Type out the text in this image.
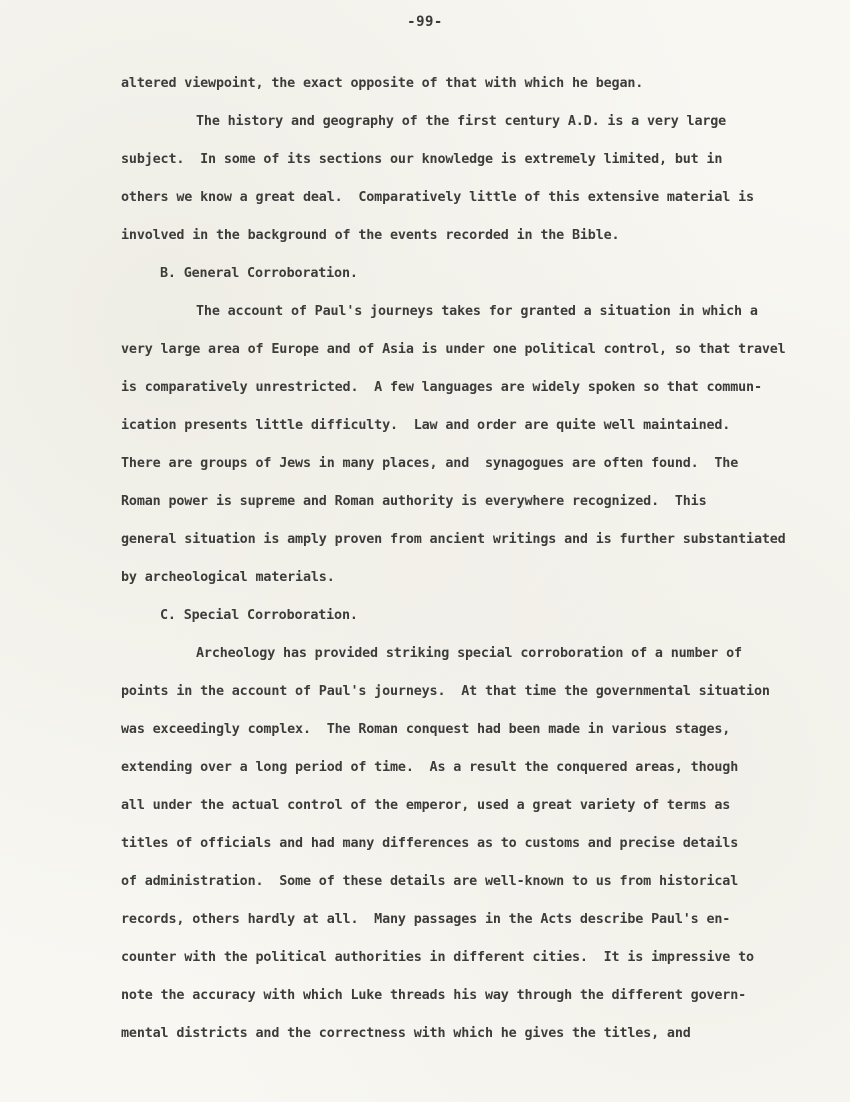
-99-
altered viewpoint, the exact opposite of that with which he began.
The history and geography of the first century A.D. is a very large
subject.  In some of its sections our knowledge is extremely limited, but in
others we know a great deal.  Comparatively little of this extensive material is
involved in the background of the events recorded in the Bible.
B. General Corroboration.
The account of Paul's journeys takes for granted a situation in which a
very large area of Europe and of Asia is under one political control, so that travel
is comparatively unrestricted.  A few languages are widely spoken so that commun-
ication presents little difficulty.  Law and order are quite well maintained.
There are groups of Jews in many places, and  synagogues are often found.  The
Roman power is supreme and Roman authority is everywhere recognized.  This
general situation is amply proven from ancient writings and is further substantiated
by archeological materials.
C. Special Corroboration.
Archeology has provided striking special corroboration of a number of
points in the account of Paul's journeys.  At that time the governmental situation
was exceedingly complex.  The Roman conquest had been made in various stages,
extending over a long period of time.  As a result the conquered areas, though
all under the actual control of the emperor, used a great variety of terms as
titles of officials and had many differences as to customs and precise details
of administration.  Some of these details are well-known to us from historical
records, others hardly at all.  Many passages in the Acts describe Paul's en-
counter with the political authorities in different cities.  It is impressive to
note the accuracy with which Luke threads his way through the different govern-
mental districts and the correctness with which he gives the titles, and
